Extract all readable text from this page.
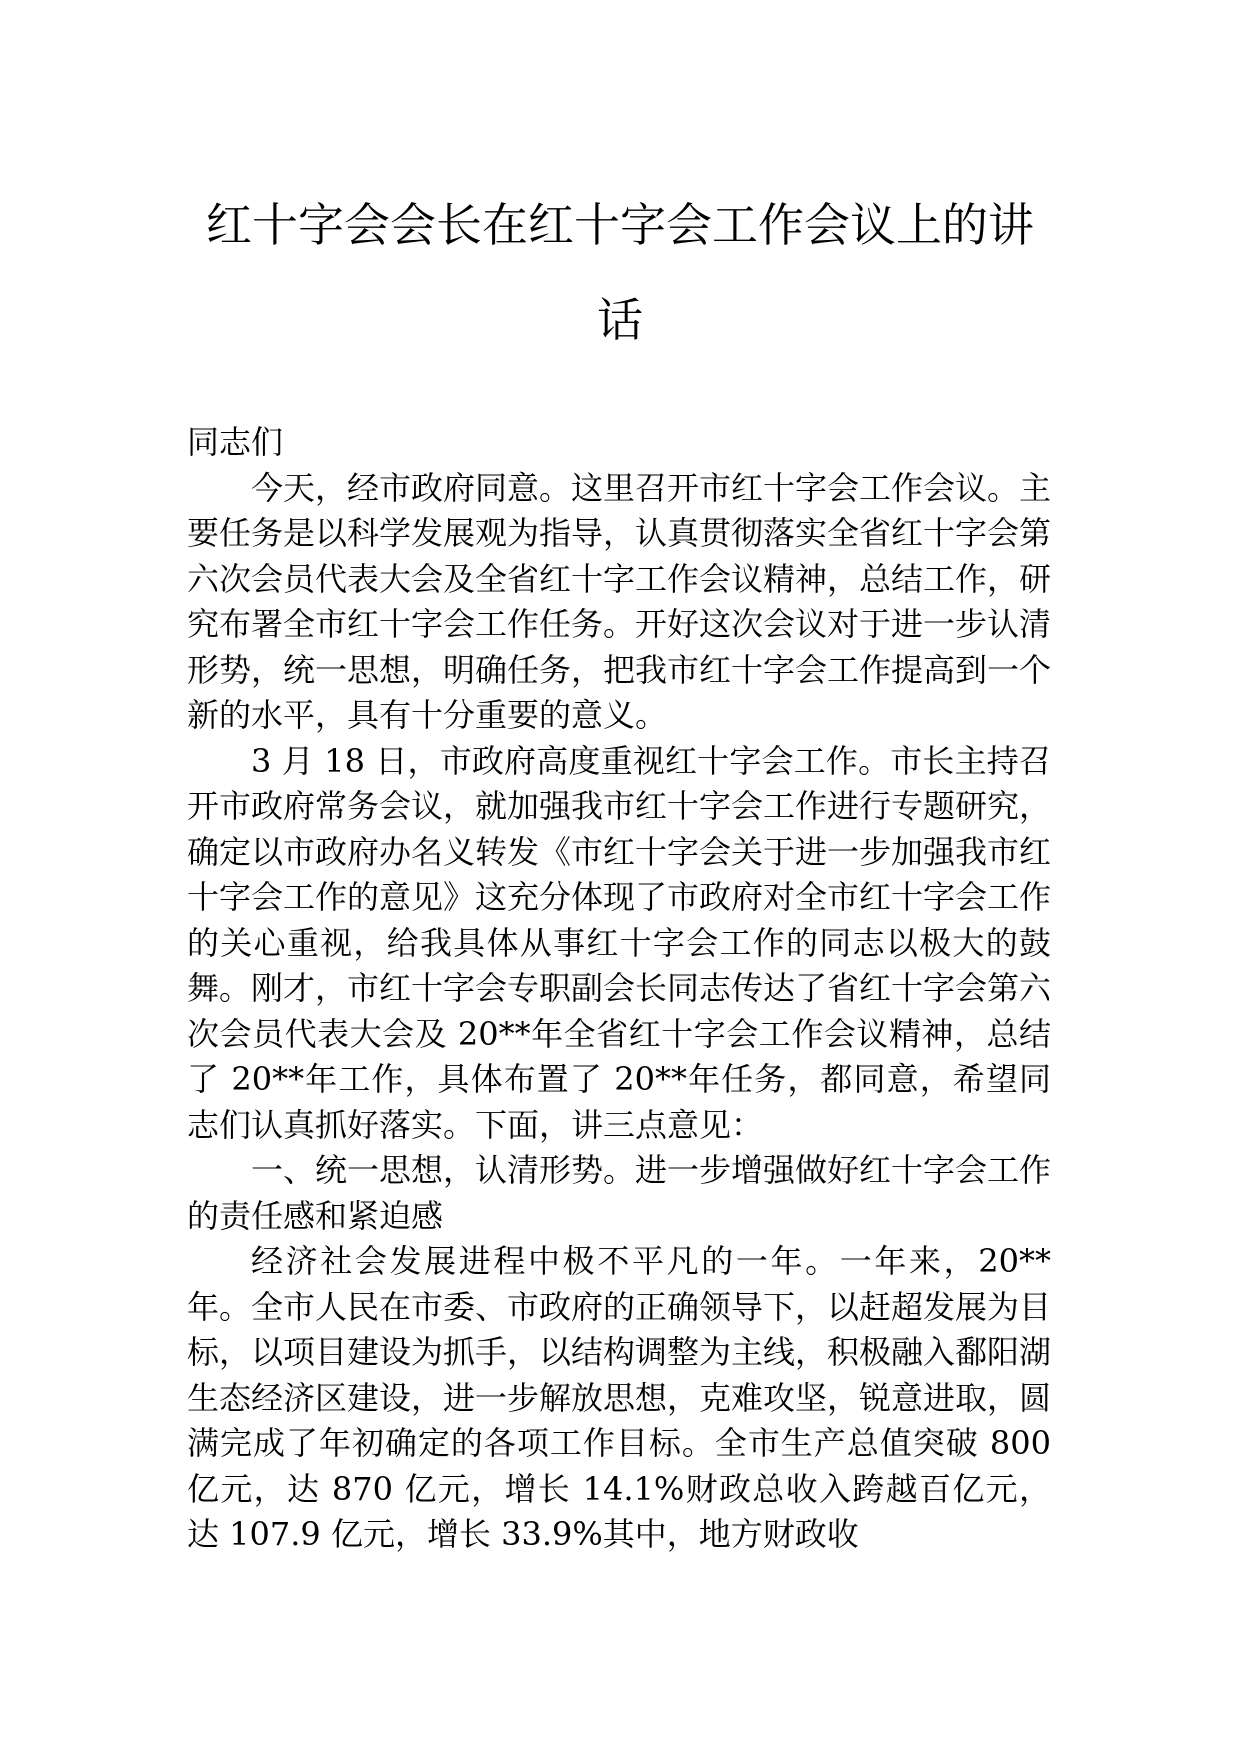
红十字会会长在红十字会工作会议上的讲话

同志们

今天，经市政府同意。这里召开市红十字会工作会议。主要任务是以科学发展观为指导，认真贯彻落实全省红十字会第六次会员代表大会及全省红十字工作会议精神，总结工作，研究布署全市红十字会工作任务。开好这次会议对于进一步认清形势，统一思想，明确任务，把我市红十字会工作提高到一个新的水平，具有十分重要的意义。

3 月 18 日，市政府高度重视红十字会工作。市长主持召开市政府常务会议，就加强我市红十字会工作进行专题研究，确定以市政府办名义转发《市红十字会关于进一步加强我市红十字会工作的意见》这充分体现了市政府对全市红十字会工作的关心重视，给我具体从事红十字会工作的同志以极大的鼓舞。刚才，市红十字会专职副会长同志传达了省红十字会第六次会员代表大会及 20**年全省红十字会工作会议精神，总结了 20**年工作，具体布置了 20**年任务，都同意，希望同志们认真抓好落实。下面，讲三点意见：

一、统一思想，认清形势。进一步增强做好红十字会工作的责任感和紧迫感

经济社会发展进程中极不平凡的一年。一年来，20**年。全市人民在市委、市政府的正确领导下，以赶超发展为目标，以项目建设为抓手，以结构调整为主线，积极融入鄱阳湖生态经济区建设，进一步解放思想，克难攻坚，锐意进取，圆满完成了年初确定的各项工作目标。全市生产总值突破 800 亿元，达 870 亿元，增长 14.1%财政总收入跨越百亿元，达 107.9 亿元，增长 33.9%其中，地方财政收
